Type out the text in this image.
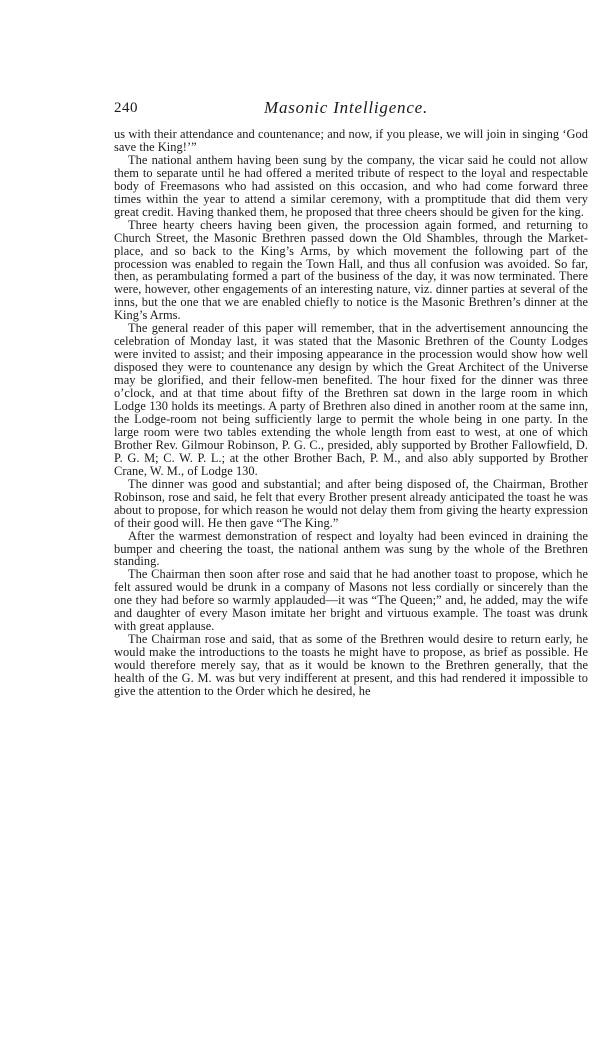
240	Masonic Intelligence.

us with their attendance and countenance; and now, if you please, we will join in singing ‘God save the King!’”

The national anthem having been sung by the company, the vicar said he could not allow them to separate until he had offered a merited tribute of respect to the loyal and respectable body of Freemasons who had assisted on this occasion, and who had come forward three times within the year to attend a similar ceremony, with a promptitude that did them very great credit. Having thanked them, he proposed that three cheers should be given for the king.

Three hearty cheers having been given, the procession again formed, and returning to Church Street, the Masonic Brethren passed down the Old Shambles, through the Market-place, and so back to the King’s Arms, by which movement the following part of the procession was enabled to regain the Town Hall, and thus all confusion was avoided. So far, then, as perambulating formed a part of the business of the day, it was now terminated. There were, however, other engagements of an interesting nature, viz. dinner parties at several of the inns, but the one that we are enabled chiefly to notice is the Masonic Brethren’s dinner at the King’s Arms.

The general reader of this paper will remember, that in the advertisement announcing the celebration of Monday last, it was stated that the Masonic Brethren of the County Lodges were invited to assist; and their imposing appearance in the procession would show how well disposed they were to countenance any design by which the Great Architect of the Universe may be glorified, and their fellow-men benefited. The hour fixed for the dinner was three o’clock, and at that time about fifty of the Brethren sat down in the large room in which Lodge 130 holds its meetings. A party of Brethren also dined in another room at the same inn, the Lodge-room not being sufficiently large to permit the whole being in one party. In the large room were two tables extending the whole length from east to west, at one of which Brother Rev. Gilmour Robinson, P. G. C., presided, ably supported by Brother Fallowfield, D. P. G. M; C. W. P. L.; at the other Brother Bach, P. M., and also ably supported by Brother Crane, W. M., of Lodge 130.

The dinner was good and substantial; and after being disposed of, the Chairman, Brother Robinson, rose and said, he felt that every Brother present already anticipated the toast he was about to propose, for which reason he would not delay them from giving the hearty expression of their good will. He then gave “The King.”

After the warmest demonstration of respect and loyalty had been evinced in draining the bumper and cheering the toast, the national anthem was sung by the whole of the Brethren standing.

The Chairman then soon after rose and said that he had another toast to propose, which he felt assured would be drunk in a company of Masons not less cordially or sincerely than the one they had before so warmly applauded—it was “The Queen;” and, he added, may the wife and daughter of every Mason imitate her bright and virtuous example. The toast was drunk with great applause.

The Chairman rose and said, that as some of the Brethren would desire to return early, he would make the introductions to the toasts he might have to propose, as brief as possible. He would therefore merely say, that as it would be known to the Brethren generally, that the health of the G. M. was but very indifferent at present, and this had rendered it impossible to give the attention to the Order which he desired, he
